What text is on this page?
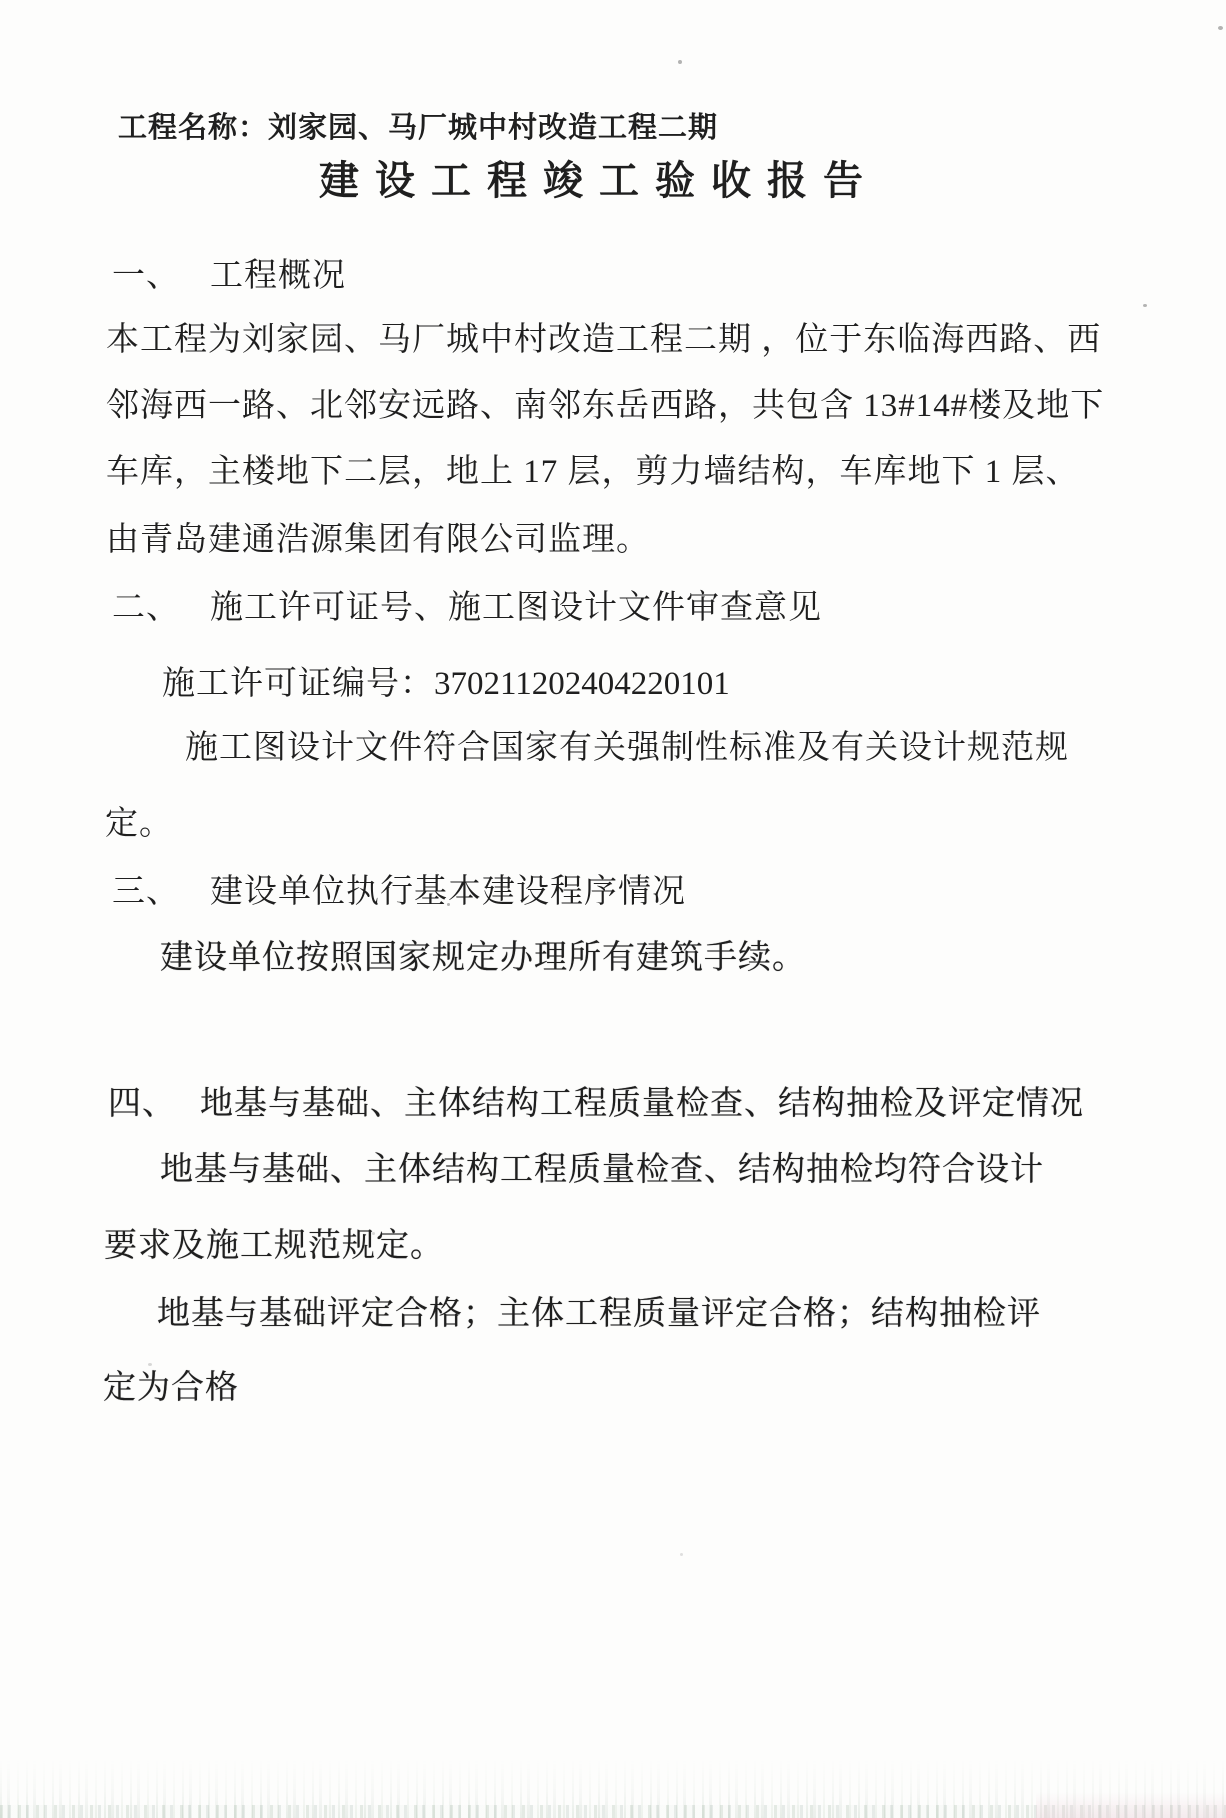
工程名称：刘家园、马厂城中村改造工程二期
建 设 工 程 竣 工 验 收 报 告
一、 工程概况
本工程为刘家园、马厂城中村改造工程二期 ，位于东临海西路、西
邻海西一路、北邻安远路、南邻东岳西路，共包含 13#14#楼及地下
车库，主楼地下二层，地上 17 层，剪力墙结构，车库地下 1 层、
由青岛建通浩源集团有限公司监理。
二、 施工许可证号、施工图设计文件审查意见
施工许可证编号：370211202404220101
施工图设计文件符合国家有关强制性标准及有关设计规范规
定。
三、 建设单位执行基本建设程序情况
建设单位按照国家规定办理所有建筑手续。
四、 地基与基础、主体结构工程质量检查、结构抽检及评定情况
地基与基础、主体结构工程质量检查、结构抽检均符合设计
要求及施工规范规定。
地基与基础评定合格；主体工程质量评定合格；结构抽检评
定为合格
